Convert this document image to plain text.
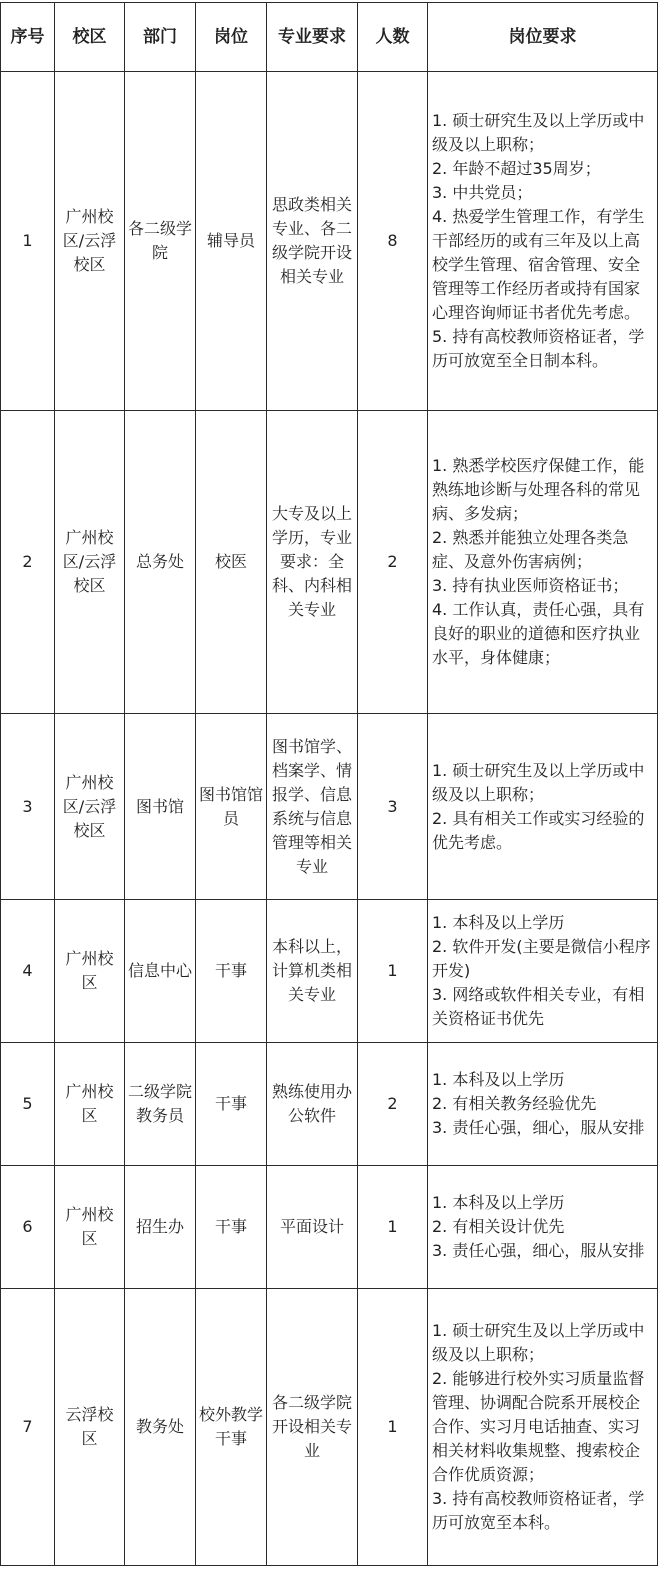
序号	校区	部门	岗位	专业要求	人数	岗位要求
1	广州校区/云浮校区	各二级学院	辅导员	思政类相关专业、各二级学院开设相关专业	8	1. 硕士研究生及以上学历或中级及以上职称；
2. 年龄不超过35周岁；
3. 中共党员；
4. 热爱学生管理工作，有学生干部经历的或有三年及以上高校学生管理、宿舍管理、安全管理等工作经历者或持有国家心理咨询师证书者优先考虑。
5. 持有高校教师资格证者，学历可放宽至全日制本科。

2	广州校区/云浮校区	总务处	校医	大专及以上学历，专业要求：全科、内科相关专业	2	1. 熟悉学校医疗保健工作，能熟练地诊断与处理各科的常见病、多发病；
2. 熟悉并能独立处理各类急症、及意外伤害病例；
3. 持有执业医师资格证书；
4. 工作认真，责任心强，具有良好的职业的道德和医疗执业水平，身体健康；

3	广州校区/云浮校区	图书馆	图书馆馆员	图书馆学、档案学、情报学、信息系统与信息管理等相关专业	3	1. 硕士研究生及以上学历或中级及以上职称；
2. 具有相关工作或实习经验的优先考虑。

4	广州校区	信息中心	干事	本科以上，计算机类相关专业	1	1. 本科及以上学历
2. 软件开发(主要是微信小程序开发)
3. 网络或软件相关专业，有相关资格证书优先

5	广州校区	二级学院教务员	干事	熟练使用办公软件	2	1. 本科及以上学历
2. 有相关教务经验优先
3. 责任心强，细心，服从安排

6	广州校区	招生办	干事	平面设计	1	1. 本科及以上学历
2. 有相关设计优先
3. 责任心强，细心，服从安排

7	云浮校区	教务处	校外教学干事	各二级学院开设相关专业	1	1. 硕士研究生及以上学历或中级及以上职称；
2. 能够进行校外实习质量监督管理、协调配合院系开展校企合作、实习月电话抽查、实习相关材料收集规整、搜索校企合作优质资源；
3. 持有高校教师资格证者，学历可放宽至本科。
